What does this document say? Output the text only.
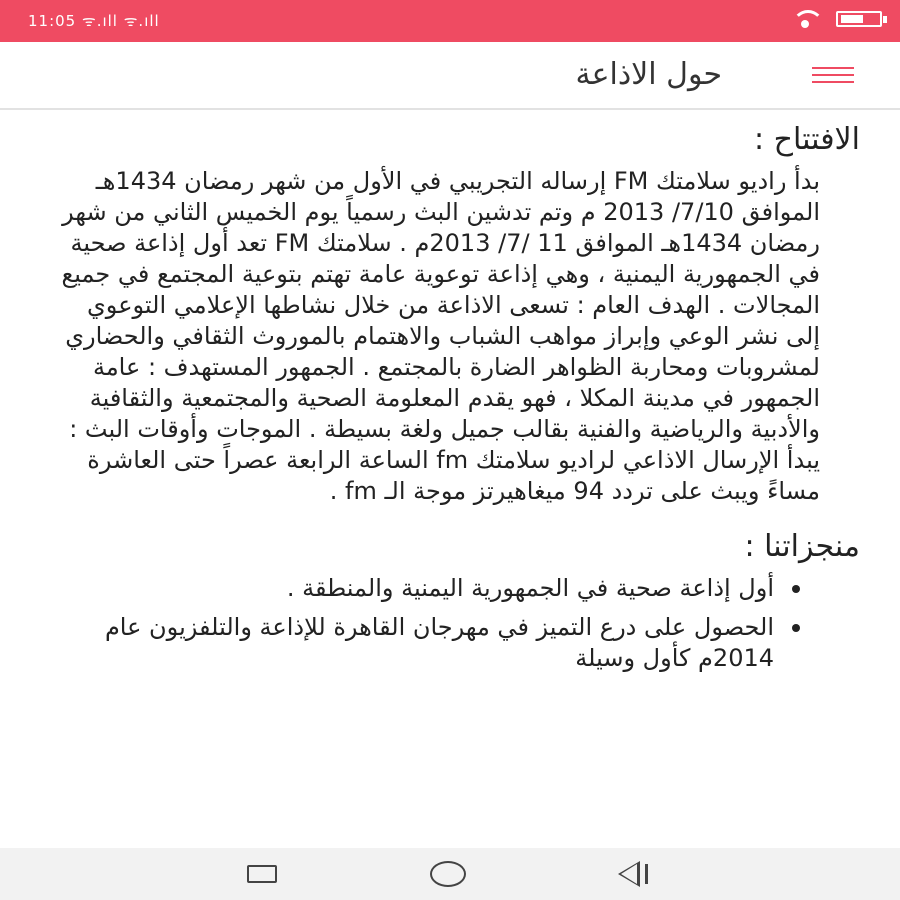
11:05 ᯤ.ıll ᯤ.ıll
حول الاذاعة
الافتتاح :

بدأ راديو سلامتك FM إرساله التجريبي في الأول من شهر رمضان 1434هـ الموافق 7/10/ 2013 م وتم تدشين البث رسمياً يوم الخميس الثاني من شهر رمضان 1434هـ الموافق 11 /7/ 2013م . سلامتك FM تعد أول إذاعة صحية في الجمهورية اليمنية ، وهي إذاعة توعوية عامة تهتم بتوعية المجتمع في جميع المجالات . الهدف العام : تسعى الاذاعة من خلال نشاطها الإعلامي التوعوي إلى نشر الوعي وإبراز مواهب الشباب والاهتمام بالموروث الثقافي والحضاري لمشروبات ومحاربة الظواهر الضارة بالمجتمع . الجمهور المستهدف : عامة الجمهور في مدينة المكلا ، فهو يقدم المعلومة الصحية والمجتمعية والثقافية والأدبية والرياضية والفنية بقالب جميل ولغة بسيطة . الموجات وأوقات البث : يبدأ الإرسال الاذاعي لراديو سلامتك fm الساعة الرابعة عصراً حتى العاشرة مساءً ويبث على تردد 94 ميغاهيرتز موجة الـ fm .

منجزاتنا :
أول إذاعة صحية في الجمهورية اليمنية والمنطقة .
الحصول على درع التميز في مهرجان القاهرة للإذاعة والتلفزيون عام 2014م كأول وسيلة
